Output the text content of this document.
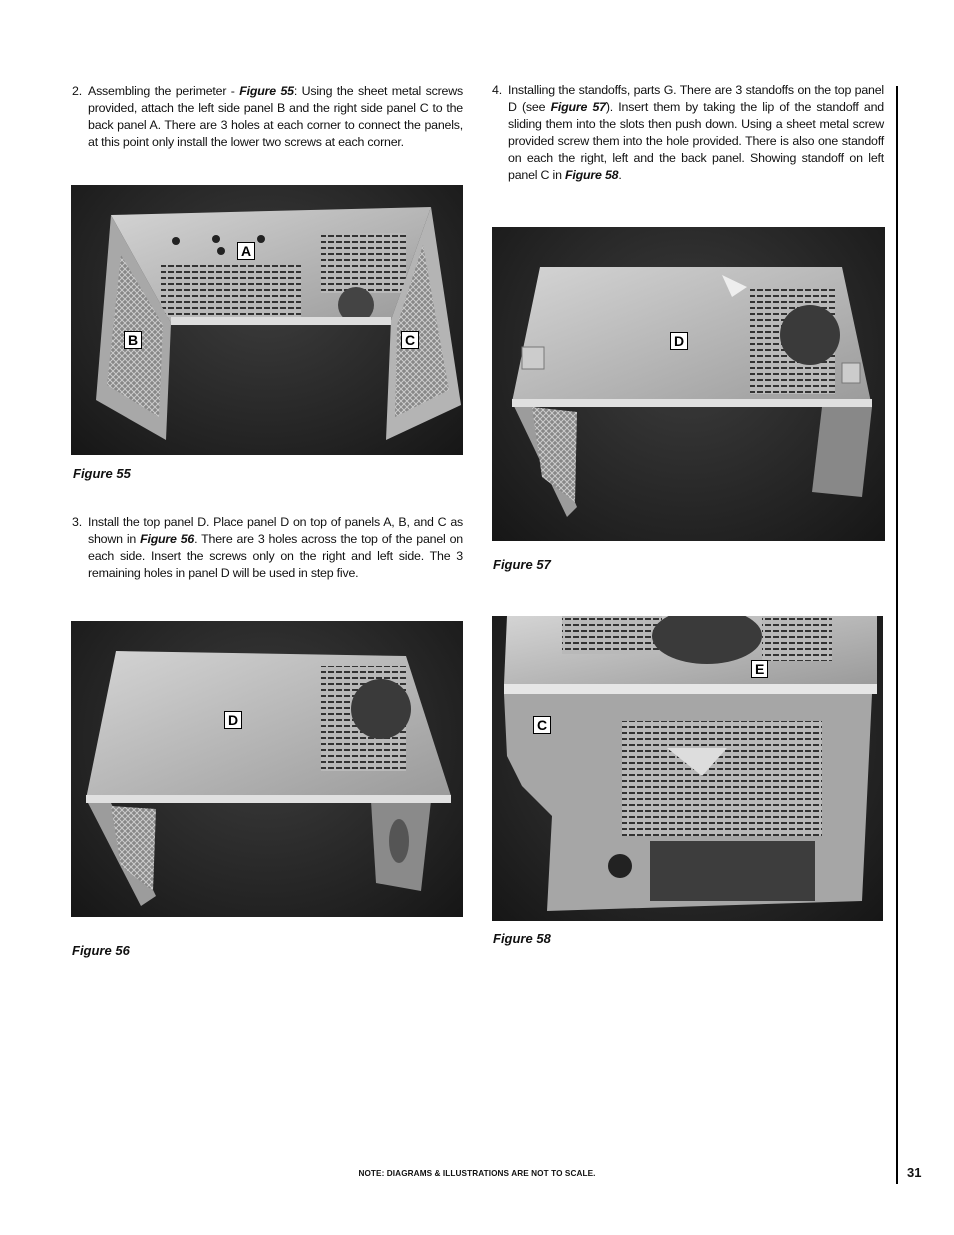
2. Assembling the perimeter - Figure 55: Using the sheet metal screws provided, attach the left side panel B and the right side panel C to the back panel A. There are 3 holes at each corner to connect the panels, at this point only install the lower two screws at each corner.
4. Installing the standoffs, parts G. There are 3 standoffs on the top panel D (see Figure 57). Insert them by taking the lip of the standoff and sliding them into the slots then push down. Using a sheet metal screw provided screw them into the hole provided. There is also one standoff on each the right, left and the back panel. Showing standoff on left panel C in Figure 58.
A
B	C
Figure 55
D
Figure 57
3. Install the top panel D. Place panel D on top of panels A, B, and C as shown in Figure 56. There are 3 holes across the top of the panel on each side. Insert the screws only on the right and left side. The 3 remaining holes in panel D will be used in step five.
D
Figure 56
E
C
Figure 58
NOTE: DIAGRAMS & ILLUSTRATIONS ARE NOT TO SCALE.	31
